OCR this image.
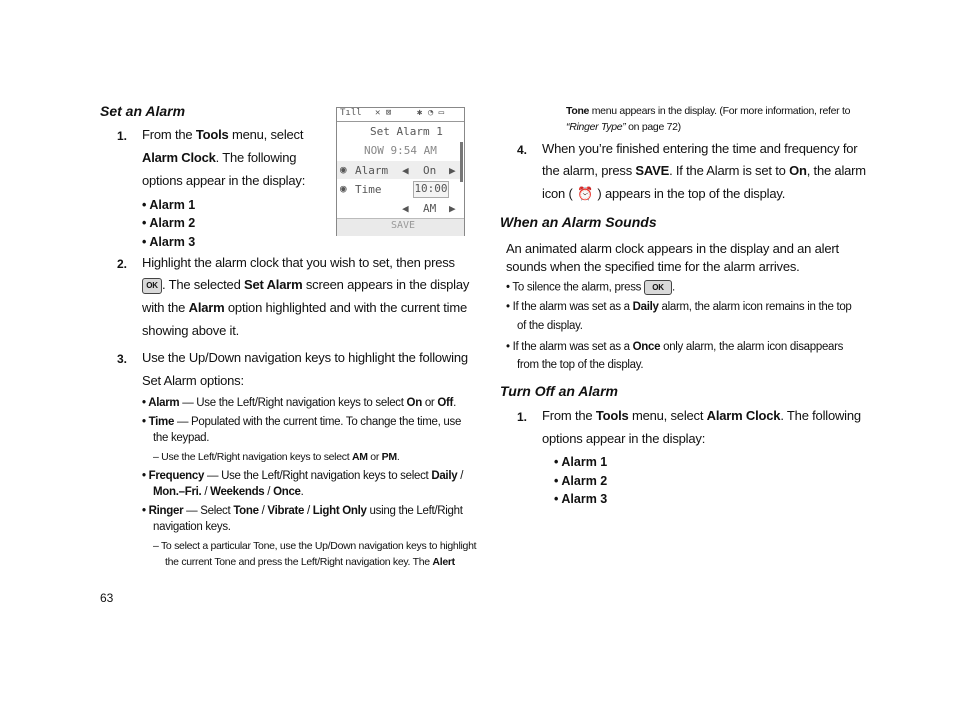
Set an Alarm
1. From the Tools menu, select
Alarm Clock. The following
options appear in the display:
• Alarm 1
• Alarm 2
• Alarm 3
Tıll ✕ ⊠	✱ ◔ ▭
Set Alarm 1
NOW 9:54 AM
◉ Alarm ◀ On ▶
◉ Time	10:00
◀ AM ▶
SAVE
2. Highlight the alarm clock that you wish to set, then press
OK . The selected Set Alarm screen appears in the display
with the Alarm option highlighted and with the current time
showing above it.
3. Use the Up/Down navigation keys to highlight the following
Set Alarm options:
• Alarm — Use the Left/Right navigation keys to select On or Off.
• Time — Populated with the current time. To change the time, use
the keypad.
– Use the Left/Right navigation keys to select AM or PM.
• Frequency — Use the Left/Right navigation keys to select Daily /
Mon.–Fri. / Weekends / Once.
• Ringer — Select Tone / Vibrate / Light Only using the Left/Right
navigation keys.
– To select a particular Tone, use the Up/Down navigation keys to highlight
the current Tone and press the Left/Right navigation key. The Alert
63
Tone menu appears in the display. (For more information, refer to
“Ringer Type” on page 72)
4. When you’re finished entering the time and frequency for
the alarm, press SAVE. If the Alarm is set to On, the alarm
icon ( ⏰ ) appears in the top of the display.
When an Alarm Sounds
An animated alarm clock appears in the display and an alert
sounds when the specified time for the alarm arrives.
• To silence the alarm, press OK .
• If the alarm was set as a Daily alarm, the alarm icon remains in the top
of the display.
• If the alarm was set as a Once only alarm, the alarm icon disappears
from the top of the display.
Turn Off an Alarm
1. From the Tools menu, select Alarm Clock. The following
options appear in the display:
• Alarm 1
• Alarm 2
• Alarm 3
